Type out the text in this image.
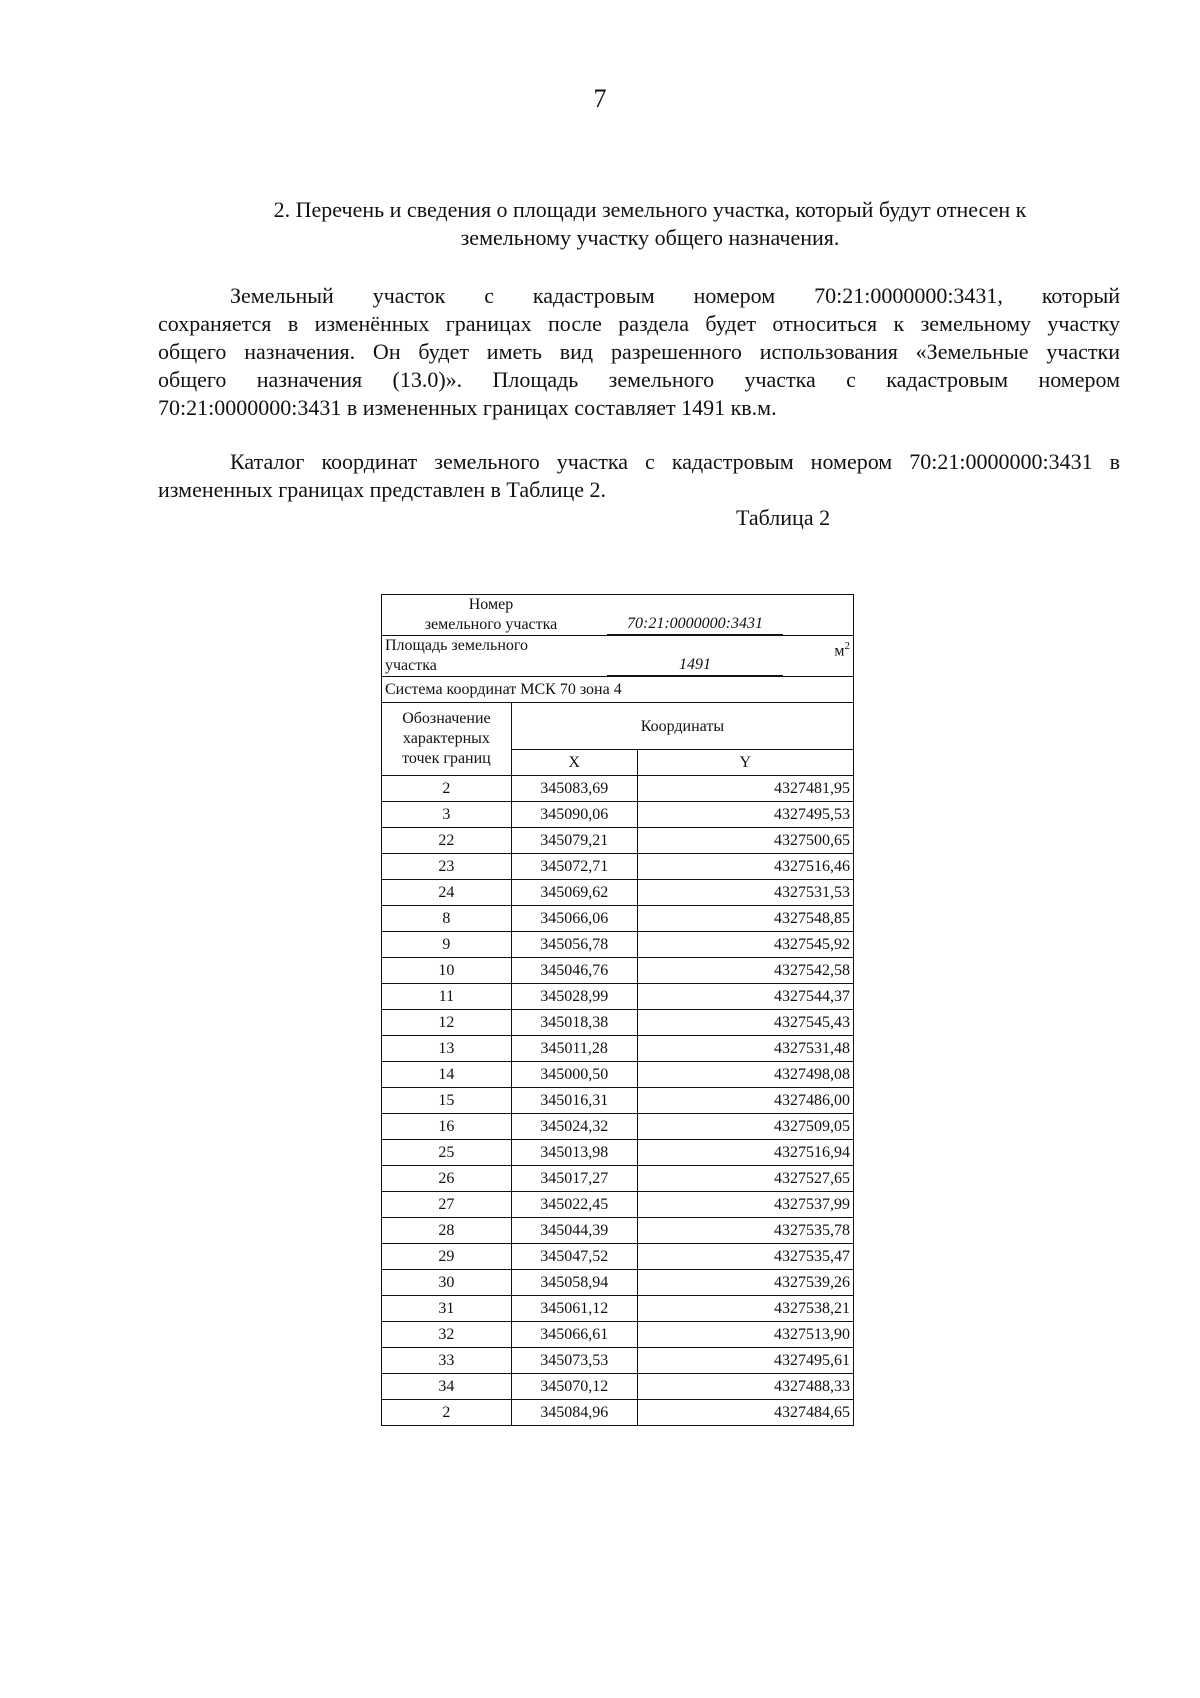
7
2. Перечень и сведения о площади земельного участка, который будут отнесен к
земельному участку общего назначения.
Земельный участок с кадастровым номером 70:21:0000000:3431, который
сохраняется в изменённых границах после раздела будет относиться к земельному участку
общего назначения. Он будет иметь вид разрешенного использования «Земельные участки
общего назначения (13.0)». Площадь земельного участка с кадастровым номером
70:21:0000000:3431 в измененных границах составляет 1491 кв.м.
Каталог координат земельного участка с кадастровым номером 70:21:0000000:3431 в
измененных границах представлен в Таблице 2.
Таблица 2
Номер
земельного участка 70:21:0000000:3431		

Площадь земельного
участка 1491
$м^2$

Система координат МСК 70 зона 4		

Обозначение
характерных
точек границ	Координаты	
	X	Y
2	345083,69	4327481,95
3	345090,06	4327495,53
22	345079,21	4327500,65
23	345072,71	4327516,46
24	345069,62	4327531,53
8	345066,06	4327548,85
9	345056,78	4327545,92
10	345046,76	4327542,58
11	345028,99	4327544,37
12	345018,38	4327545,43
13	345011,28	4327531,48
14	345000,50	4327498,08
15	345016,31	4327486,00
16	345024,32	4327509,05
25	345013,98	4327516,94
26	345017,27	4327527,65
27	345022,45	4327537,99
28	345044,39	4327535,78
29	345047,52	4327535,47
30	345058,94	4327539,26
31	345061,12	4327538,21
32	345066,61	4327513,90
33	345073,53	4327495,61
34	345070,12	4327488,33
2	345084,96	4327484,65
